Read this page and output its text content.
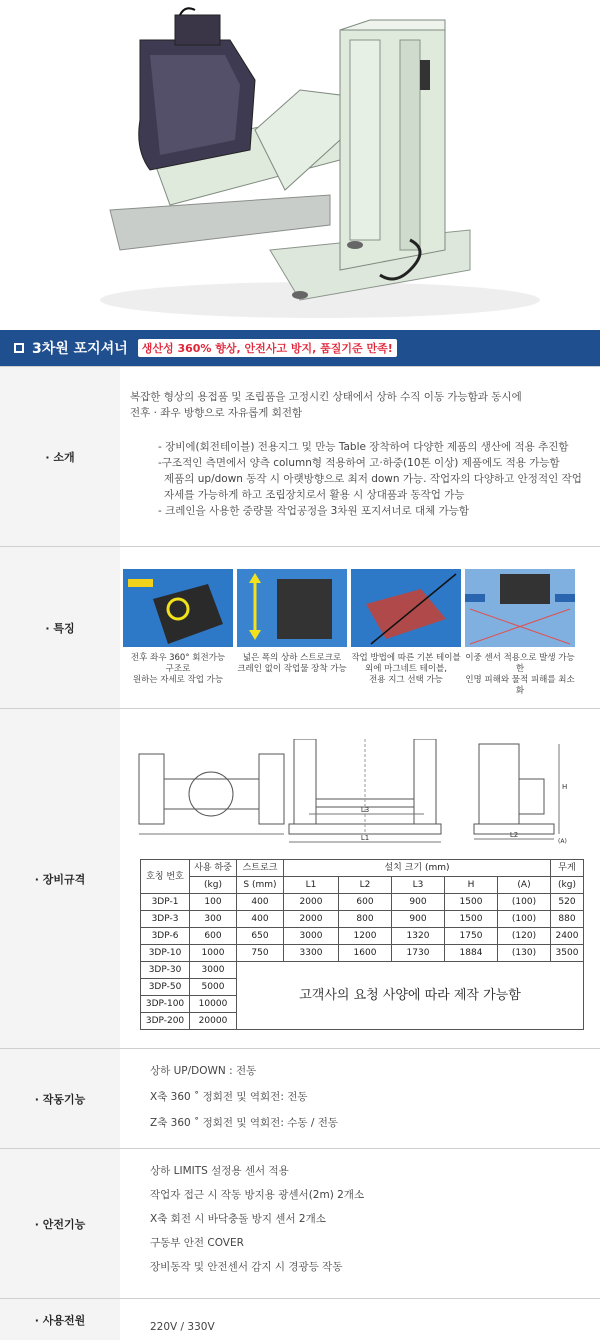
3차원 포지셔너	생산성 360% 향상, 안전사고 방지, 품질기준 만족!
· 소개
복잡한 형상의 용접품 및 조립품을 고정시킨 상태에서 상하 수직 이동 가능함과 동시에
전후 · 좌우 방향으로 자유롭게 회전함
- 장비에(회전테이블) 전용지그 및 만능 Table 장착하여 다양한 제품의 생산에 적용 추진함
-구조적인 측면에서 양측 column형 적용하여 고·하중(10톤 이상) 제품에도 적용 가능함
제품의 up/down 동작 시 아랫방향으로 최저 down 가능. 작업자의 다양하고 안정적인 작업
자세를 가능하게 하고 조립장치로서 활용 시 상대품과 동작업 가능
- 크레인을 사용한 중량물 작업공정을 3차원 포지셔너로 대체 가능함
· 특징
전후 좌우 360° 회전가능
구조로
원하는 자세로 작업 가능
넓은 폭의 상하 스트로크로
크레인 없이 작업물 장착 가능
작업 방법에 따른 기본 테이블
외에 마그네트 테이블,
전용 지그 선택 가능
이중 센서 적용으로 발생 가능한
인명 피해와 물적 피해를 최소화
· 장비규격
L1
L3
H
L2
(A)
호칭 번호	사용 하중	스트로크	설치 크기 (mm)					무게
	(kg)	S (mm)	L1	L2	L3	H	(A)	(kg)
3DP-1	100	400	2000	600	900	1500	(100)	520
3DP-3	300	400	2000	800	900	1500	(100)	880
3DP-6	600	650	3000	1200	1320	1750	(120)	2400
3DP-10	1000	750	3300	1600	1730	1884	(130)	3500
3DP-30	3000	고객사의 요청 사양에 따라 제작 가능함						
3DP-50	5000							
3DP-100	10000							
3DP-200	20000							
· 작동기능
상하 UP/DOWN : 전동
X축 360 ˚ 정회전 및 역회전: 전동
Z축 360 ˚ 정회전 및 역회전: 수동 / 전동
· 안전기능
상하 LIMITS 설정용 센서 적용
작업자 접근 시 작동 방지용 광센서(2m) 2개소
X축 회전 시 바닥충돌 방지 센서 2개소
구동부 안전 COVER
장비동작 및 안전센서 감지 시 경광등 작동
· 사용전원
220V / 330V
